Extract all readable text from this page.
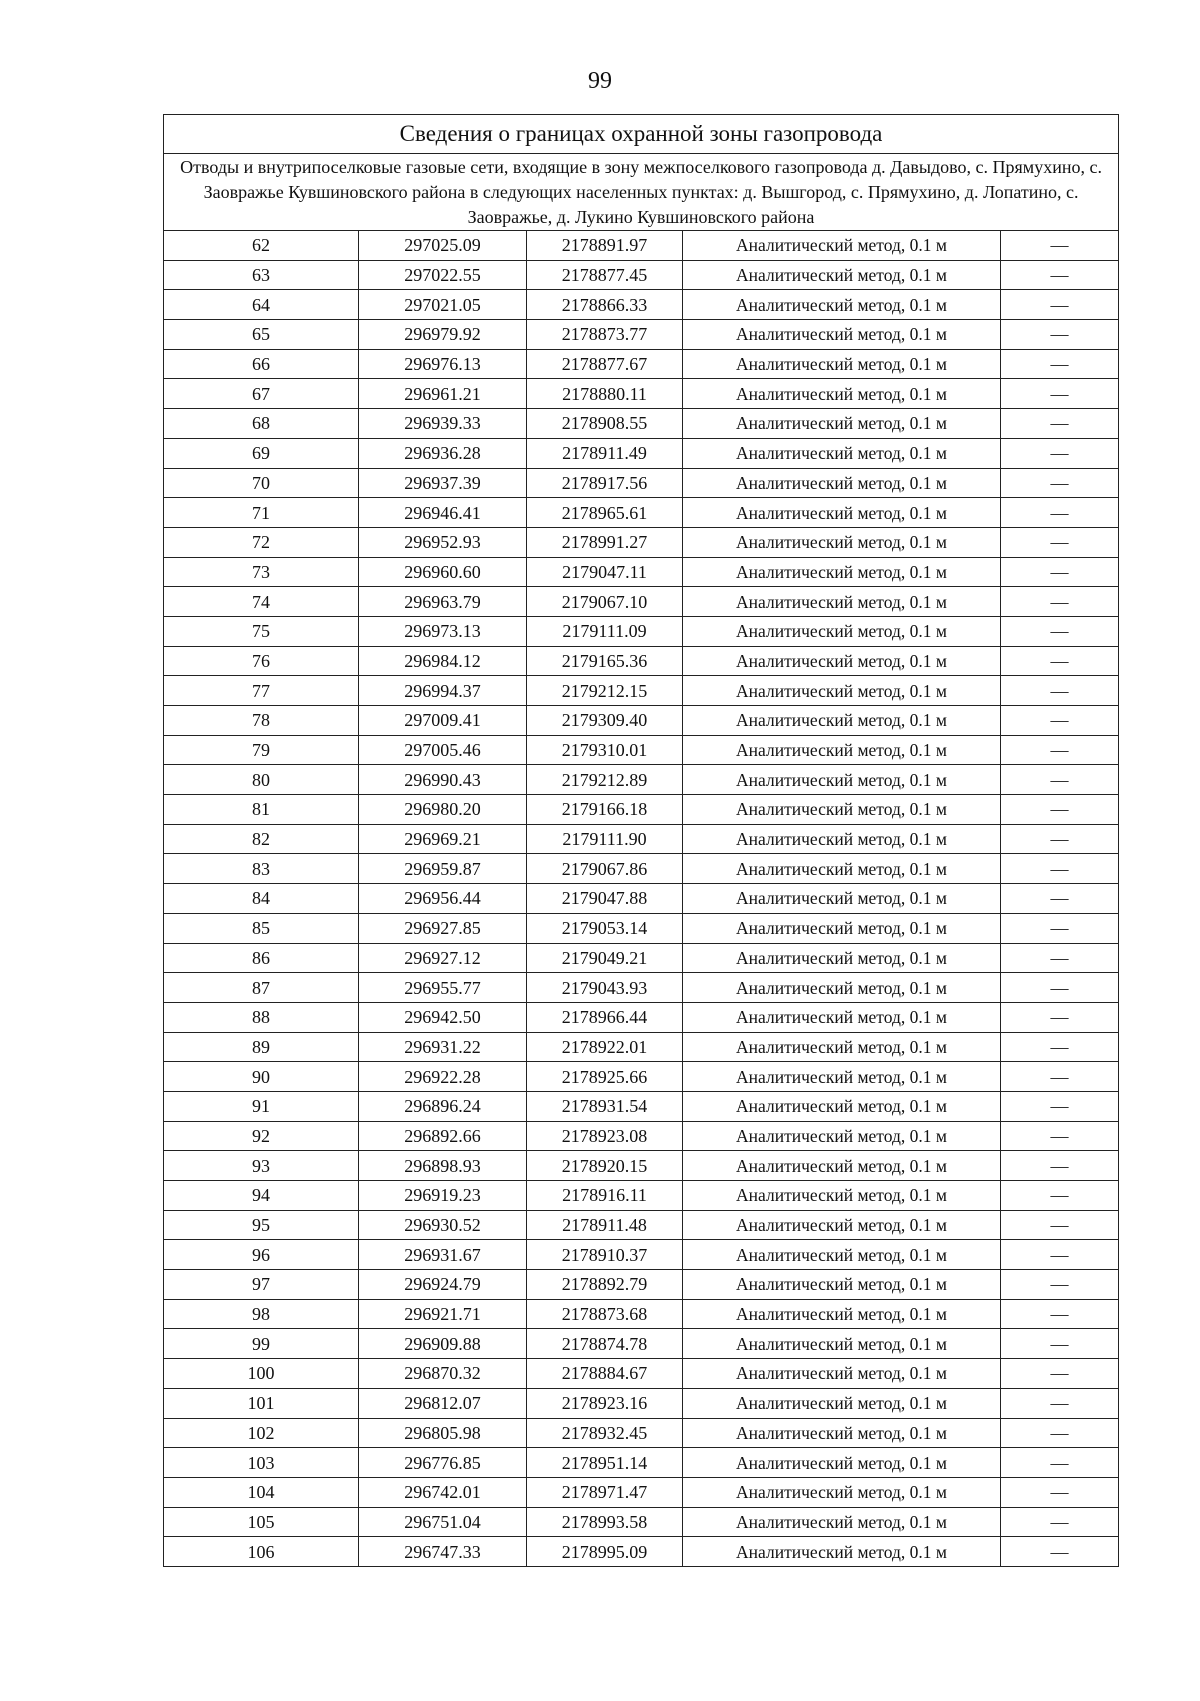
99
Сведения о границах охранной зоны газопровода				
Отводы и внутрипоселковые газовые сети, входящие в зону межпоселкового газопровода д. Давыдово, с. Прямухино, с. Заовражье Кувшиновского района в следующих населенных пунктах: д. Вышгород, с. Прямухино, д. Лопатино, с. Заовражье, д. Лукино Кувшиновского района				
62	297025.09	2178891.97	Аналитический метод, 0.1 м	—
63	297022.55	2178877.45	Аналитический метод, 0.1 м	—
64	297021.05	2178866.33	Аналитический метод, 0.1 м	—
65	296979.92	2178873.77	Аналитический метод, 0.1 м	—
66	296976.13	2178877.67	Аналитический метод, 0.1 м	—
67	296961.21	2178880.11	Аналитический метод, 0.1 м	—
68	296939.33	2178908.55	Аналитический метод, 0.1 м	—
69	296936.28	2178911.49	Аналитический метод, 0.1 м	—
70	296937.39	2178917.56	Аналитический метод, 0.1 м	—
71	296946.41	2178965.61	Аналитический метод, 0.1 м	—
72	296952.93	2178991.27	Аналитический метод, 0.1 м	—
73	296960.60	2179047.11	Аналитический метод, 0.1 м	—
74	296963.79	2179067.10	Аналитический метод, 0.1 м	—
75	296973.13	2179111.09	Аналитический метод, 0.1 м	—
76	296984.12	2179165.36	Аналитический метод, 0.1 м	—
77	296994.37	2179212.15	Аналитический метод, 0.1 м	—
78	297009.41	2179309.40	Аналитический метод, 0.1 м	—
79	297005.46	2179310.01	Аналитический метод, 0.1 м	—
80	296990.43	2179212.89	Аналитический метод, 0.1 м	—
81	296980.20	2179166.18	Аналитический метод, 0.1 м	—
82	296969.21	2179111.90	Аналитический метод, 0.1 м	—
83	296959.87	2179067.86	Аналитический метод, 0.1 м	—
84	296956.44	2179047.88	Аналитический метод, 0.1 м	—
85	296927.85	2179053.14	Аналитический метод, 0.1 м	—
86	296927.12	2179049.21	Аналитический метод, 0.1 м	—
87	296955.77	2179043.93	Аналитический метод, 0.1 м	—
88	296942.50	2178966.44	Аналитический метод, 0.1 м	—
89	296931.22	2178922.01	Аналитический метод, 0.1 м	—
90	296922.28	2178925.66	Аналитический метод, 0.1 м	—
91	296896.24	2178931.54	Аналитический метод, 0.1 м	—
92	296892.66	2178923.08	Аналитический метод, 0.1 м	—
93	296898.93	2178920.15	Аналитический метод, 0.1 м	—
94	296919.23	2178916.11	Аналитический метод, 0.1 м	—
95	296930.52	2178911.48	Аналитический метод, 0.1 м	—
96	296931.67	2178910.37	Аналитический метод, 0.1 м	—
97	296924.79	2178892.79	Аналитический метод, 0.1 м	—
98	296921.71	2178873.68	Аналитический метод, 0.1 м	—
99	296909.88	2178874.78	Аналитический метод, 0.1 м	—
100	296870.32	2178884.67	Аналитический метод, 0.1 м	—
101	296812.07	2178923.16	Аналитический метод, 0.1 м	—
102	296805.98	2178932.45	Аналитический метод, 0.1 м	—
103	296776.85	2178951.14	Аналитический метод, 0.1 м	—
104	296742.01	2178971.47	Аналитический метод, 0.1 м	—
105	296751.04	2178993.58	Аналитический метод, 0.1 м	—
106	296747.33	2178995.09	Аналитический метод, 0.1 м	—
